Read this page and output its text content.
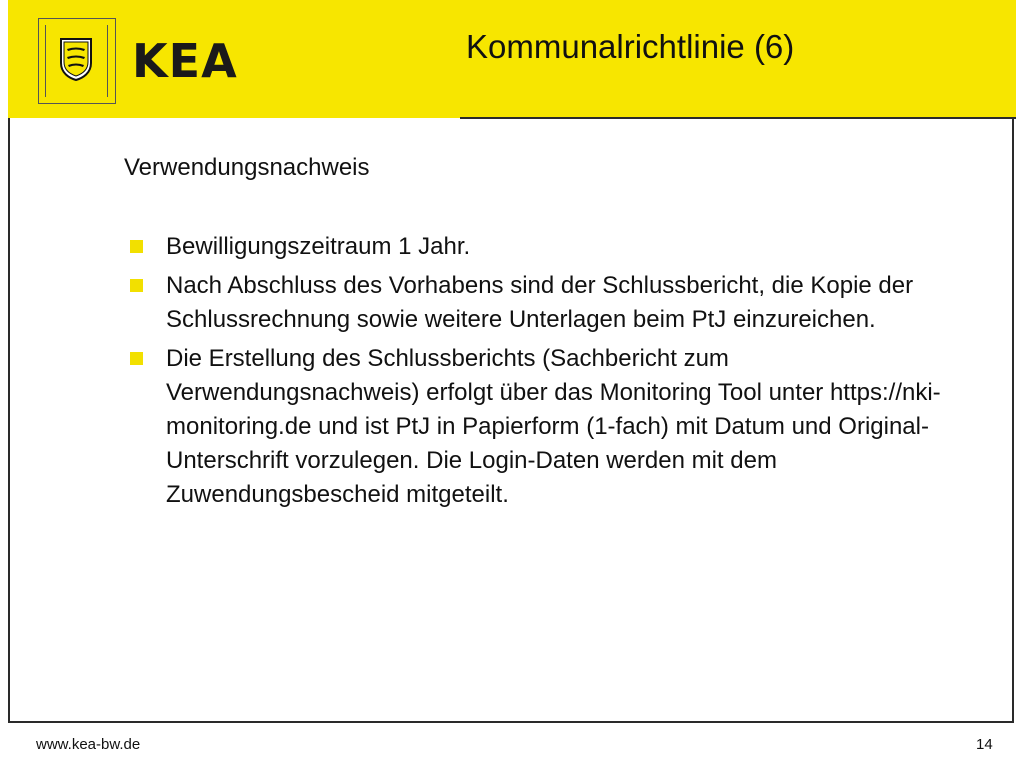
KEA	Kommunalrichtlinie (6)
Verwendungsnachweis
Bewilligungszeitraum 1 Jahr.
Nach Abschluss des Vorhabens sind der Schlussbericht, die Kopie der Schlussrechnung sowie weitere Unterlagen beim PtJ einzureichen.
Die Erstellung des Schlussberichts (Sachbericht zum Verwendungsnachweis) erfolgt über das Monitoring Tool unter https://nki-monitoring.de und ist PtJ in Papierform (1-fach) mit Datum und Original-Unterschrift vorzulegen. Die Login-Daten werden mit dem Zuwendungsbescheid mitgeteilt.
www.kea-bw.de	14
